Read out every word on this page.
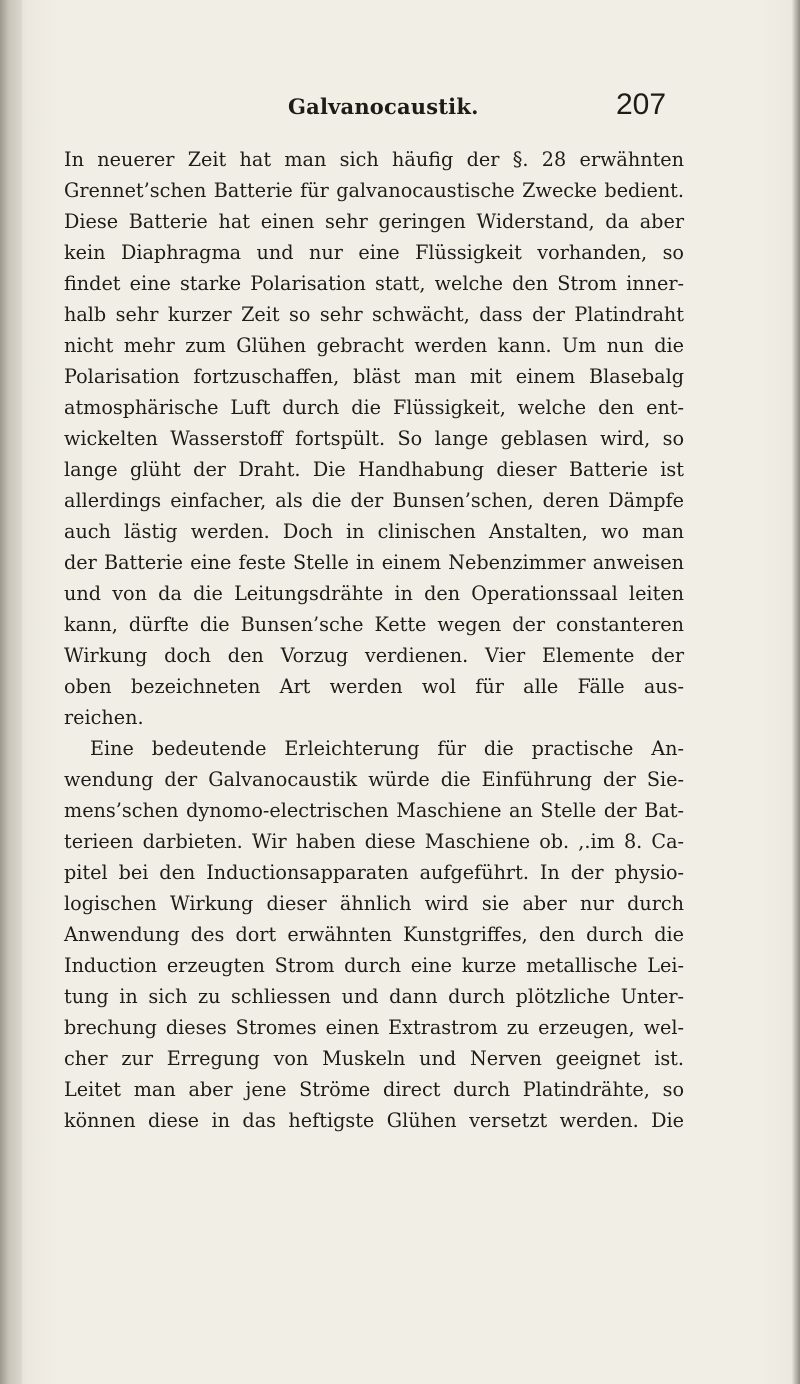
Galvanocaustik.	207
In neuerer Zeit hat man sich häufig der §. 28 erwähnten
Grennet’schen Batterie für galvanocaustische Zwecke bedient.
Diese Batterie hat einen sehr geringen Widerstand, da aber
kein Diaphragma und nur eine Flüssigkeit vorhanden, so
findet eine starke Polarisation statt, welche den Strom inner-
halb sehr kurzer Zeit so sehr schwächt, dass der Platindraht
nicht mehr zum Glühen gebracht werden kann. Um nun die
Polarisation fortzuschaffen, bläst man mit einem Blasebalg
atmosphärische Luft durch die Flüssigkeit, welche den ent-
wickelten Wasserstoff fortspült. So lange geblasen wird, so
lange glüht der Draht. Die Handhabung dieser Batterie ist
allerdings einfacher, als die der Bunsen’schen, deren Dämpfe
auch lästig werden. Doch in clinischen Anstalten, wo man
der Batterie eine feste Stelle in einem Nebenzimmer anweisen
und von da die Leitungsdrähte in den Operationssaal leiten
kann, dürfte die Bunsen’sche Kette wegen der constanteren
Wirkung doch den Vorzug verdienen. Vier Elemente der
oben bezeichneten Art werden wol für alle Fälle aus-
reichen.
Eine bedeutende Erleichterung für die practische An-
wendung der Galvanocaustik würde die Einführung der Sie-
mens’schen dynomo-electrischen Maschiene an Stelle der Bat-
terieen darbieten. Wir haben diese Maschiene ob. ,.im 8. Ca-
pitel bei den Inductionsapparaten aufgeführt. In der physio-
logischen Wirkung dieser ähnlich wird sie aber nur durch
Anwendung des dort erwähnten Kunstgriffes, den durch die
Induction erzeugten Strom durch eine kurze metallische Lei-
tung in sich zu schliessen und dann durch plötzliche Unter-
brechung dieses Stromes einen Extrastrom zu erzeugen, wel-
cher zur Erregung von Muskeln und Nerven geeignet ist.
Leitet man aber jene Ströme direct durch Platindrähte, so
können diese in das heftigste Glühen versetzt werden. Die
